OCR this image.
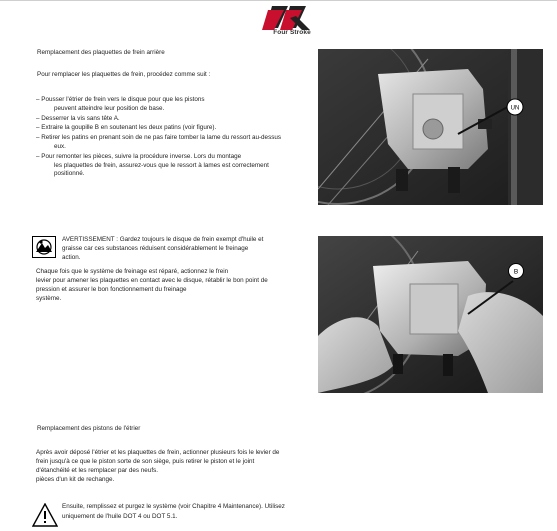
Four Stroke
Remplacement des plaquettes de frein arrière
Pour remplacer les plaquettes de frein, procédez comme suit :
– Pousser l'étrier de frein vers le disque pour que les pistons
peuvent atteindre leur position de base.
– Desserrer la vis sans tête A.
– Extraire la goupille B en soutenant les deux patins (voir figure).
– Retirer les patins en prenant soin de ne pas faire tomber la lame du ressort au-dessus
eux.
– Pour remonter les pièces, suivre la procédure inverse. Lors du montage
les plaquettes de frein, assurez-vous que le ressort à lames est correctement
positionné.
UN
AVERTISSEMENT : Gardez toujours le disque de frein exempt d'huile et
graisse car ces substances réduisent considérablement le freinage
action.
Chaque fois que le système de freinage est réparé, actionnez le frein
levier pour amener les plaquettes en contact avec le disque, rétablir le bon point de
pression et assurer le bon fonctionnement du freinage
système.
B
Remplacement des pistons de l'étrier
Après avoir déposé l'étrier et les plaquettes de frein, actionner plusieurs fois le levier de
frein jusqu'à ce que le piston sorte de son siège, puis retirer le piston et le joint
d'étanchéité et les remplacer par des neufs.
pièces d'un kit de rechange.
Ensuite, remplissez et purgez le système (voir Chapitre 4 Maintenance). Utilisez
uniquement de l'huile DOT 4 ou DOT 5.1.
